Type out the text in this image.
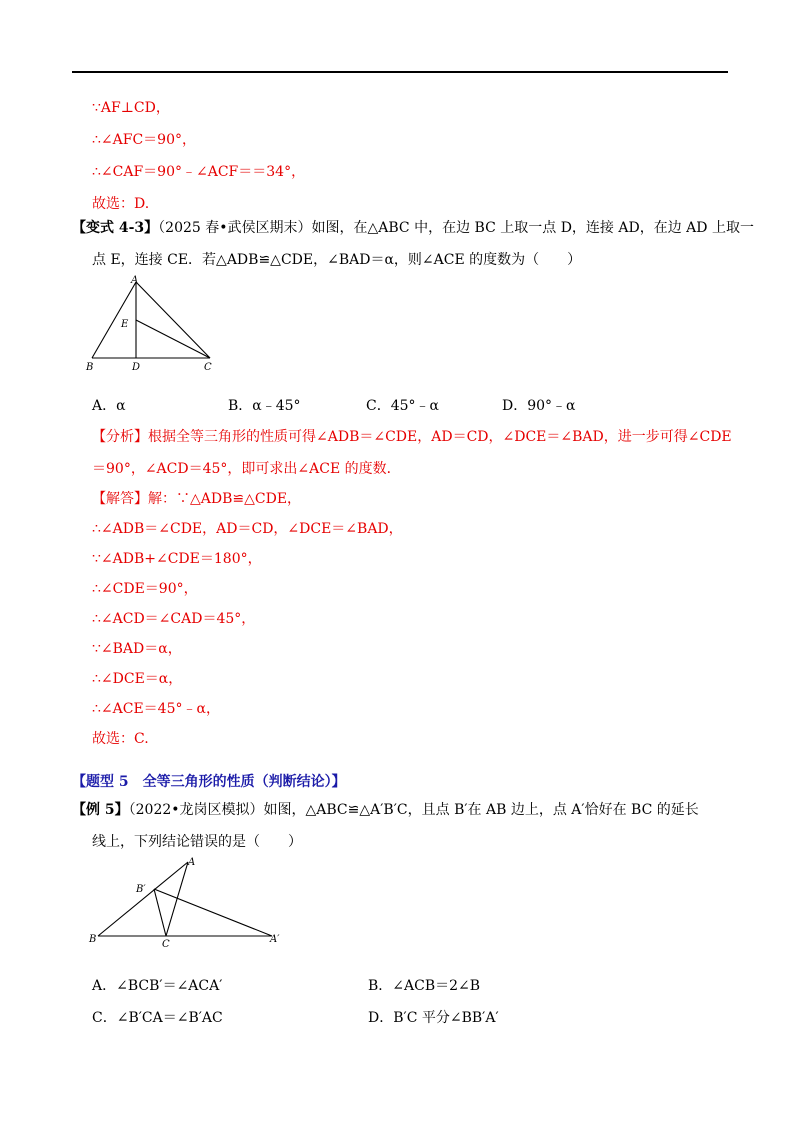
∵AF⊥CD，
∴∠AFC＝90°，
∴∠CAF＝90°﹣∠ACF＝＝34°，
故选：D.
【变式 4-3】（2025 春•武侯区期末）如图，在△ABC 中，在边 BC 上取一点 D，连接 AD，在边 AD 上取一
点 E，连接 CE．若△ADB≌△CDE，∠BAD＝α，则∠ACE 的度数为（　　）
A
B	C
D
E
A．α	B．α﹣45°	C．45°﹣α	D．90°﹣α
【分析】根据全等三角形的性质可得∠ADB＝∠CDE，AD＝CD，∠DCE＝∠BAD，进一步可得∠CDE
＝90°，∠ACD＝45°，即可求出∠ACE 的度数．
【解答】解：∵△ADB≌△CDE，
∴∠ADB＝∠CDE，AD＝CD，∠DCE＝∠BAD，
∵∠ADB+∠CDE＝180°，
∴∠CDE＝90°，
∴∠ACD＝∠CAD＝45°，
∵∠BAD＝α，
∴∠DCE＝α，
∴∠ACE＝45°﹣α，
故选：C.
【题型 5　全等三角形的性质（判断结论）】
【例 5】（2022•龙岗区模拟）如图，△ABC≌△A′B′C，且点 B′在 AB 边上，点 A′恰好在 BC 的延长
线上，下列结论错误的是（　　）
A
B′
B	C	A′
A．∠BCB′＝∠ACA′	B．∠ACB＝2∠B
C．∠B′CA＝∠B′AC	D．B′C 平分∠BB′A′
